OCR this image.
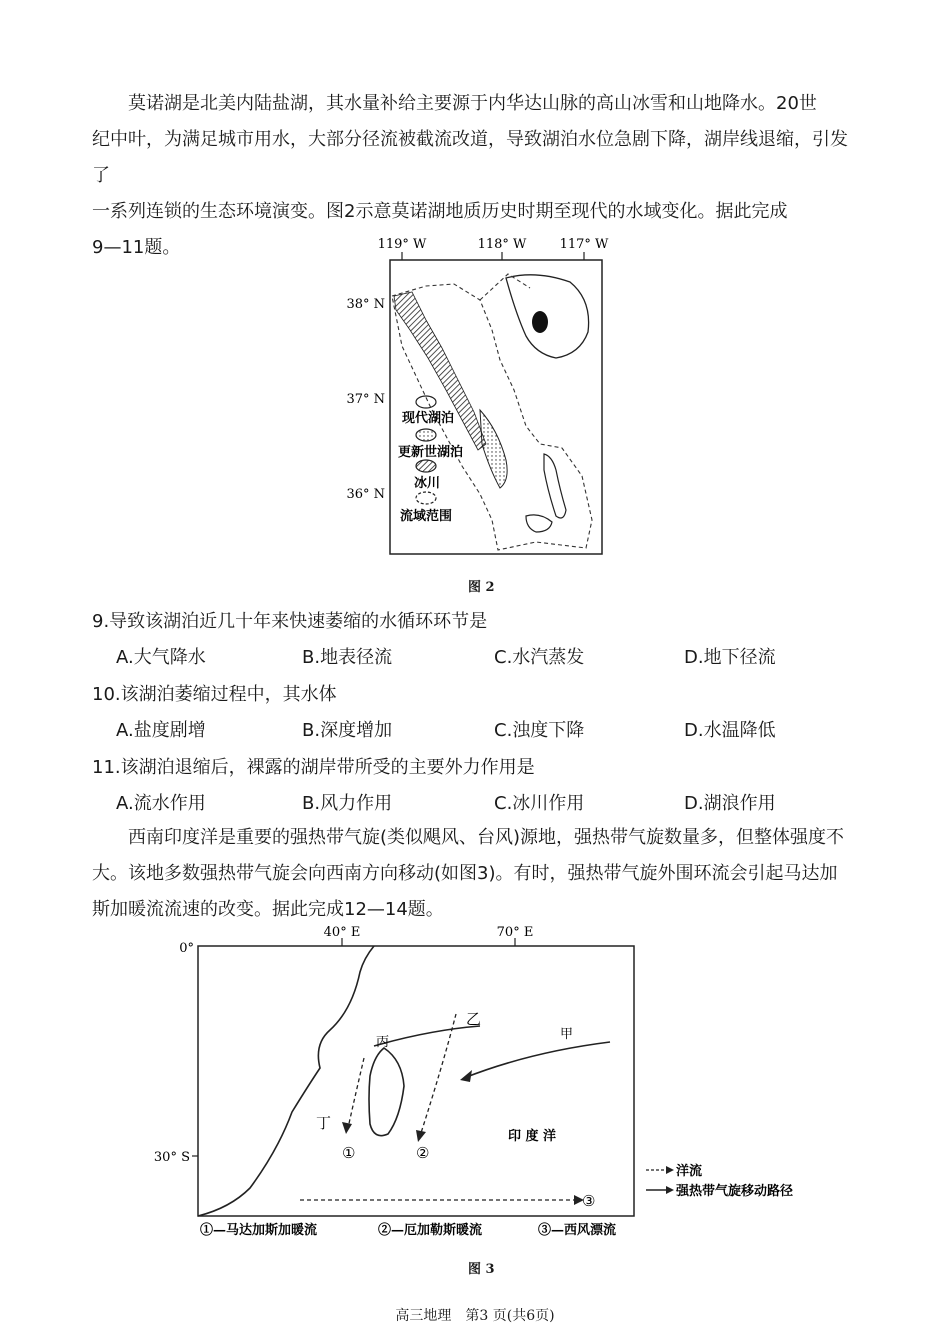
莫诺湖是北美内陆盐湖，其水量补给主要源于内华达山脉的高山冰雪和山地降水。20世
纪中叶，为满足城市用水，大部分径流被截流改道，导致湖泊水位急剧下降，湖岸线退缩，引发了
一系列连锁的生态环境演变。图2示意莫诺湖地质历史时期至现代的水域变化。据此完成
9—11题。	119° W	118° W	117° W
38° N
37° N
36° N
现代湖泊
更新世湖泊
冰川
流域范围
图 2
9.导致该湖泊近几十年来快速萎缩的水循环环节是
A.大气降水	B.地表径流	C.水汽蒸发	D.地下径流
10.该湖泊萎缩过程中，其水体
A.盐度剧增	B.深度增加	C.浊度下降	D.水温降低
11.该湖泊退缩后，裸露的湖岸带所受的主要外力作用是
A.流水作用	B.风力作用	C.冰川作用	D.湖浪作用
西南印度洋是重要的强热带气旋(类似飓风、台风)源地，强热带气旋数量多，但整体强度不
大。该地多数强热带气旋会向西南方向移动(如图3)。有时，强热带气旋外围环流会引起马达加
斯加暖流流速的改变。据此完成12—14题。
40° E	70° E
0°
30° S
甲
乙
丙
丁
印 度 洋
①	②
③
洋流
强热带气旋移动路径
①—马达加斯加暖流	②—厄加勒斯暖流	③—西风漂流
图 3
高三地理　第3 页(共6页)
